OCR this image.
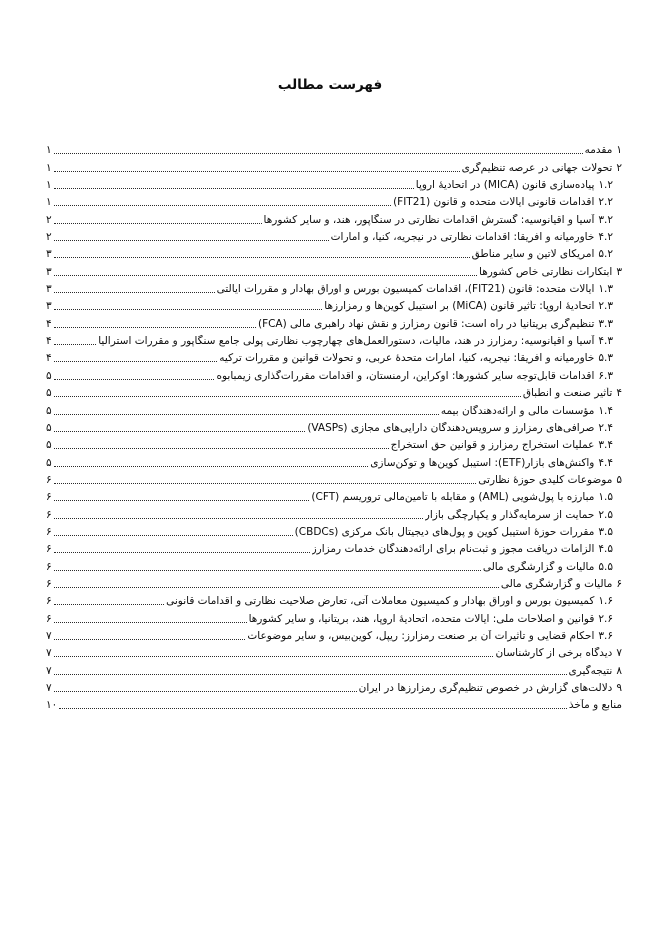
فهرست مطالب
۱مقدمه
۱
۲تحولات جهانی در عرصه تنظیم‌گری
۱
۱.۲پیاده‌سازی قانون (MICA) در اتحادیۀ اروپا
۱
۲.۲اقدامات قانونی ایالات متحده و قانون (FIT21)
۱
۳.۲آسیا و اقیانوسیه: گسترش اقدامات نظارتی در سنگاپور، هند، و سایر کشورها
۲
۴.۲خاورمیانه و افریقا: اقدامات نظارتی در نیجریه، کنیا، و امارات
۲
۵.۲امریکای لاتین و سایر مناطق
۳
۳ابتکارات نظارتی خاص کشورها
۳
۱.۳ایالات متحده: قانون (FIT21)، اقدامات کمیسیون بورس و اوراق بهادار و مقررات ایالتی
۳
۲.۳اتحادیۀ اروپا: تأثیر قانون (MiCA) بر استیبل کوین‌ها و رمزارزها
۳
۳.۳تنظیم‌گری بریتانیا در راه است: قانون رمزارز و نقش نهاد راهبری مالی (FCA)
۴
۴.۳آسیا و اقیانوسیه: رمزارز در هند، مالیات، دستورالعمل‌های چهارچوب نظارتی پولی جامع سنگاپور و مقررات استرالیا
۴
۵.۳خاورمیانه و افریقا: نیجریه، کنیا، امارات متحدۀ عربی، و تحولات قوانین و مقررات ترکیه
۴
۶.۳اقدامات قابل‌توجه سایر کشورها: اوکراین، ارمنستان، و اقدامات مقررات‌گذاری زیمبابوه
۵
۴تأثیر صنعت و انطباق
۵
۱.۴مؤسسات مالی و ارائه‌دهندگان بیمه
۵
۲.۴صرافی‌های رمزارز و سرویس‌دهندگان دارایی‌های مجازی (VASPs)
۵
۳.۴عملیات استخراج رمزارز و قوانین حق استخراج
۵
۴.۴واکنش‌های بازار(ETF): استیبل کوین‌ها و توکن‌سازی
۵
۵موضوعات کلیدی حوزۀ نظارتی
۶
۱.۵مبارزه با پول‌شویی (AML) و مقابله با تأمین‌مالی تروریسم (CFT)
۶
۲.۵حمایت از سرمایه‌گذار و یکپارچگی بازار
۶
۳.۵مقررات حوزۀ استیبل کوین و پول‌های دیجیتال بانک مرکزی (CBDCs)
۶
۴.۵الزامات دریافت مجوز و ثبت‌نام برای ارائه‌دهندگان خدمات رمزارز
۶
۵.۵مالیات و گزارشگری مالی
۶
۶مالیات و گزارشگری مالی
۶
۱.۶کمیسیون بورس و اوراق بهادار و کمیسیون معاملات آتی، تعارض صلاحیت نظارتی و اقدامات قانونی
۶
۲.۶قوانین و اصلاحات ملی: ایالات متحده، اتحادیۀ اروپا، هند، بریتانیا، و سایر کشورها
۶
۳.۶احکام قضایی و تأثیرات آن بر صنعت رمزارز: ریپل، کوین‌بیس، و سایر موضوعات
۷
۷دیدگاه برخی از کارشناسان
۷
۸نتیجه‌گیری
۷
۹دلالت‌های گزارش در خصوص تنظیم‌گری رمزارزها در ایران
۷
منابع و مآخذ
۱۰
